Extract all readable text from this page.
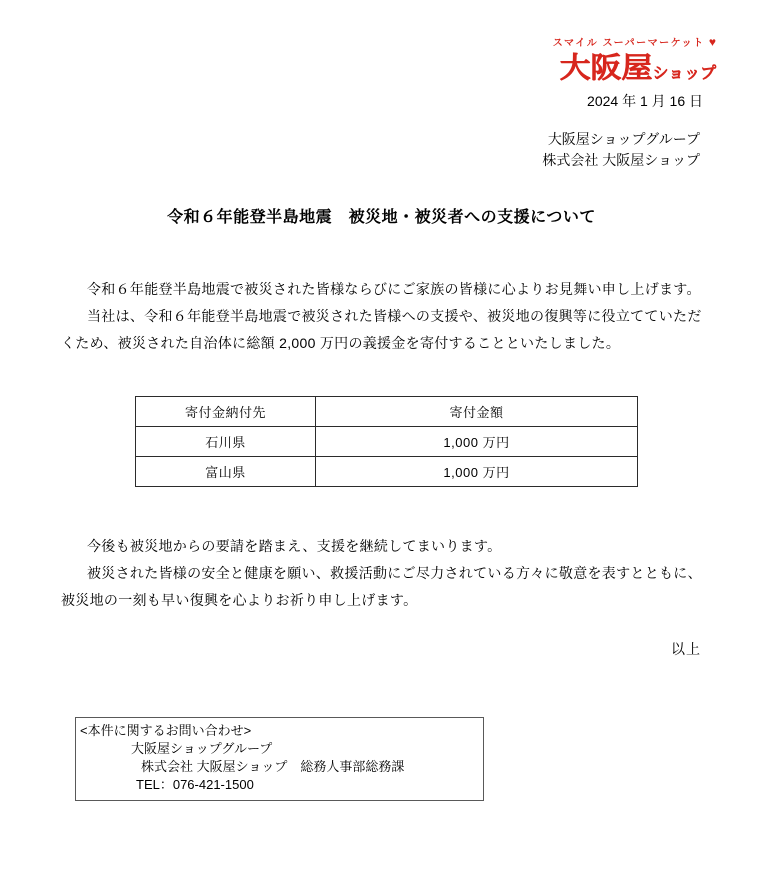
スマイル スーパーマーケット ♥
大阪屋 ショップ
2024 年 1 月 16 日
大阪屋ショップグループ
株式会社 大阪屋ショップ
令和６年能登半島地震　被災地・被災者への支援について

令和６年能登半島地震で被災された皆様ならびにご家族の皆様に心よりお見舞い申し上げます。

当社は、令和６年能登半島地震で被災された皆様への支援や、被災地の復興等に役立てていただくため、被災された自治体に総額 2,000 万円の義援金を寄付することといたしました。

寄付金納付先	寄付金額
石川県	1,000 万円
富山県	1,000 万円

今後も被災地からの要請を踏まえ、支援を継続してまいります。

被災された皆様の安全と健康を願い、救援活動にご尽力されている方々に敬意を表すとともに、被災地の一刻も早い復興を心よりお祈り申し上げます。

以上
<本件に関するお問い合わせ>
大阪屋ショップグループ
株式会社 大阪屋ショップ　総務人事部総務課
TEL：076-421-1500
